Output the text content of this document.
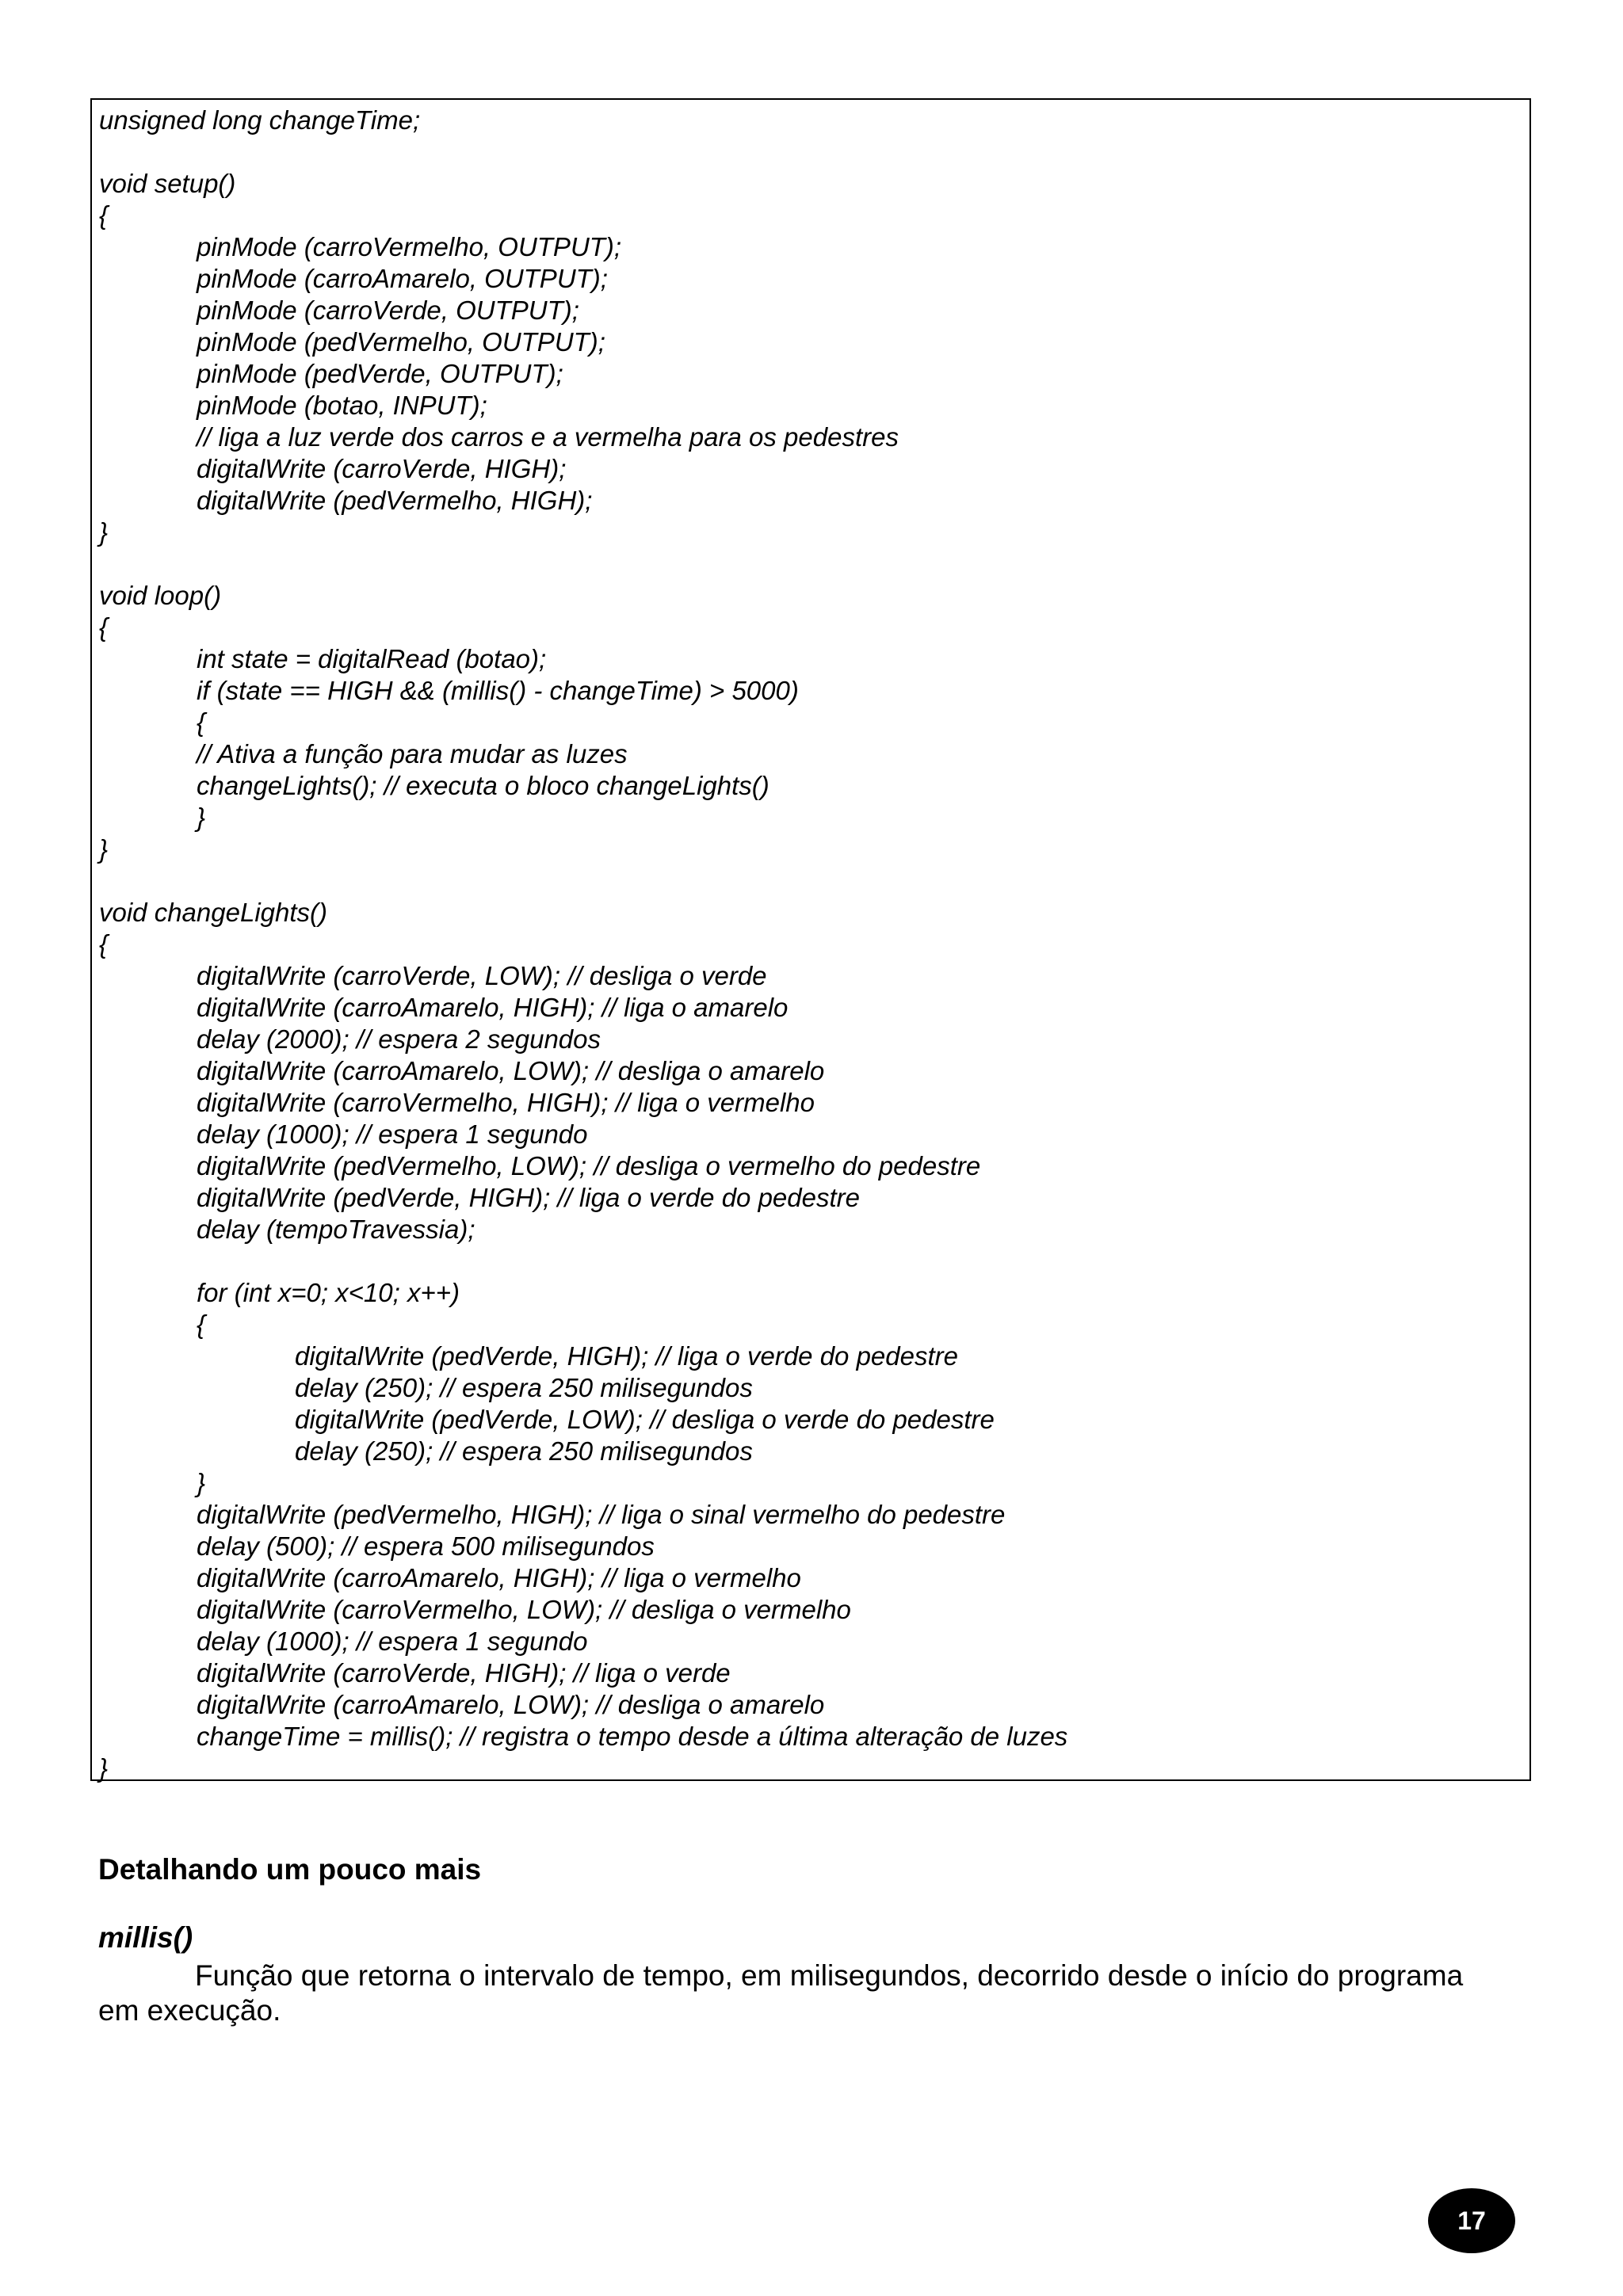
unsigned long changeTime;
void setup()
{
pinMode (carroVermelho, OUTPUT);
pinMode (carroAmarelo, OUTPUT);
pinMode (carroVerde, OUTPUT);
pinMode (pedVermelho, OUTPUT);
pinMode (pedVerde, OUTPUT);
pinMode (botao, INPUT);
// liga a luz verde dos carros e a vermelha para os pedestres
digitalWrite (carroVerde, HIGH);
digitalWrite (pedVermelho, HIGH);
}
void loop()
{
int state = digitalRead (botao);
if (state == HIGH && (millis() - changeTime) > 5000)
{
// Ativa a função para mudar as luzes
changeLights(); // executa o bloco changeLights()
}
}
void changeLights()
{
digitalWrite (carroVerde, LOW); // desliga o verde
digitalWrite (carroAmarelo, HIGH); // liga o amarelo
delay (2000); // espera 2 segundos
digitalWrite (carroAmarelo, LOW); // desliga o amarelo
digitalWrite (carroVermelho, HIGH); // liga o vermelho
delay (1000); // espera 1 segundo
digitalWrite (pedVermelho, LOW); // desliga o vermelho do pedestre
digitalWrite (pedVerde, HIGH); // liga o verde do pedestre
delay (tempoTravessia);
for (int x=0; x<10; x++)
{
digitalWrite (pedVerde, HIGH); // liga o verde do pedestre
delay (250); // espera 250 milisegundos
digitalWrite (pedVerde, LOW); // desliga o verde do pedestre
delay (250); // espera 250 milisegundos
}
digitalWrite (pedVermelho, HIGH); // liga o sinal vermelho do pedestre
delay (500); // espera 500 milisegundos
digitalWrite (carroAmarelo, HIGH); // liga o vermelho
digitalWrite (carroVermelho, LOW); // desliga o vermelho
delay (1000); // espera 1 segundo
digitalWrite (carroVerde, HIGH); // liga o verde
digitalWrite (carroAmarelo, LOW); // desliga o amarelo
changeTime = millis(); // registra o tempo desde a última alteração de luzes
}
Detalhando um pouco mais
millis()
Função que retorna o intervalo de tempo, em milisegundos, decorrido desde o início do programa
em execução.
17
